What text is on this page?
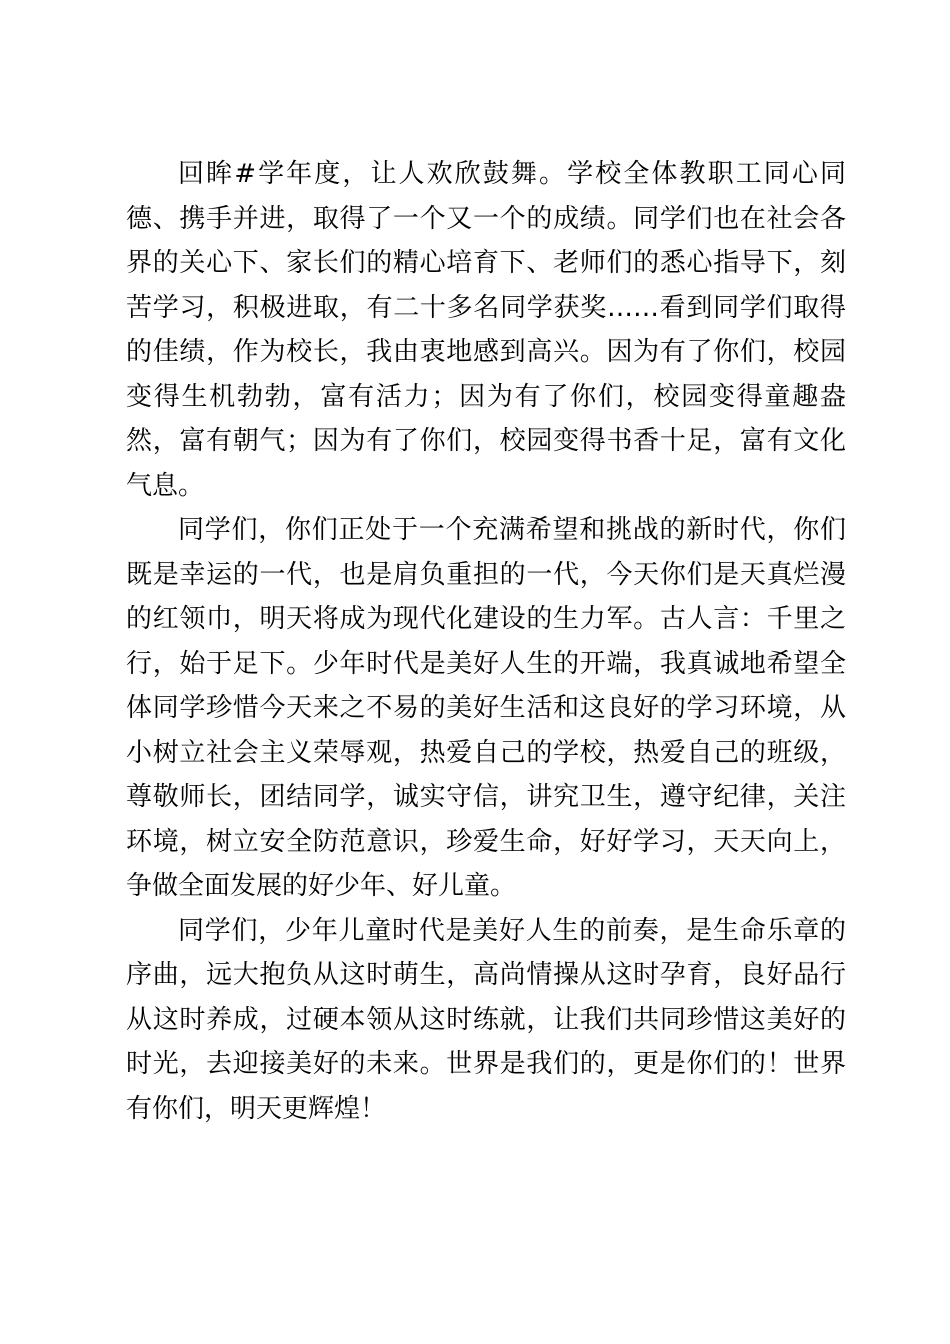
回眸#学年度，让人欢欣鼓舞。学校全体教职工同心同德、携手并进，取得了一个又一个的成绩。同学们也在社会各界的关心下、家长们的精心培育下、老师们的悉心指导下，刻苦学习，积极进取，有二十多名同学获奖……看到同学们取得的佳绩，作为校长，我由衷地感到高兴。因为有了你们，校园变得生机勃勃，富有活力；因为有了你们，校园变得童趣盎然，富有朝气；因为有了你们，校园变得书香十足，富有文化气息。

同学们，你们正处于一个充满希望和挑战的新时代，你们既是幸运的一代，也是肩负重担的一代，今天你们是天真烂漫的红领巾，明天将成为现代化建设的生力军。古人言：千里之行，始于足下。少年时代是美好人生的开端，我真诚地希望全体同学珍惜今天来之不易的美好生活和这良好的学习环境，从小树立社会主义荣辱观，热爱自己的学校，热爱自己的班级，尊敬师长，团结同学，诚实守信，讲究卫生，遵守纪律，关注环境，树立安全防范意识，珍爱生命，好好学习，天天向上，争做全面发展的好少年、好儿童。

同学们，少年儿童时代是美好人生的前奏，是生命乐章的序曲，远大抱负从这时萌生，高尚情操从这时孕育，良好品行从这时养成，过硬本领从这时练就，让我们共同珍惜这美好的时光，去迎接美好的未来。世界是我们的，更是你们的！世界有你们，明天更辉煌！
